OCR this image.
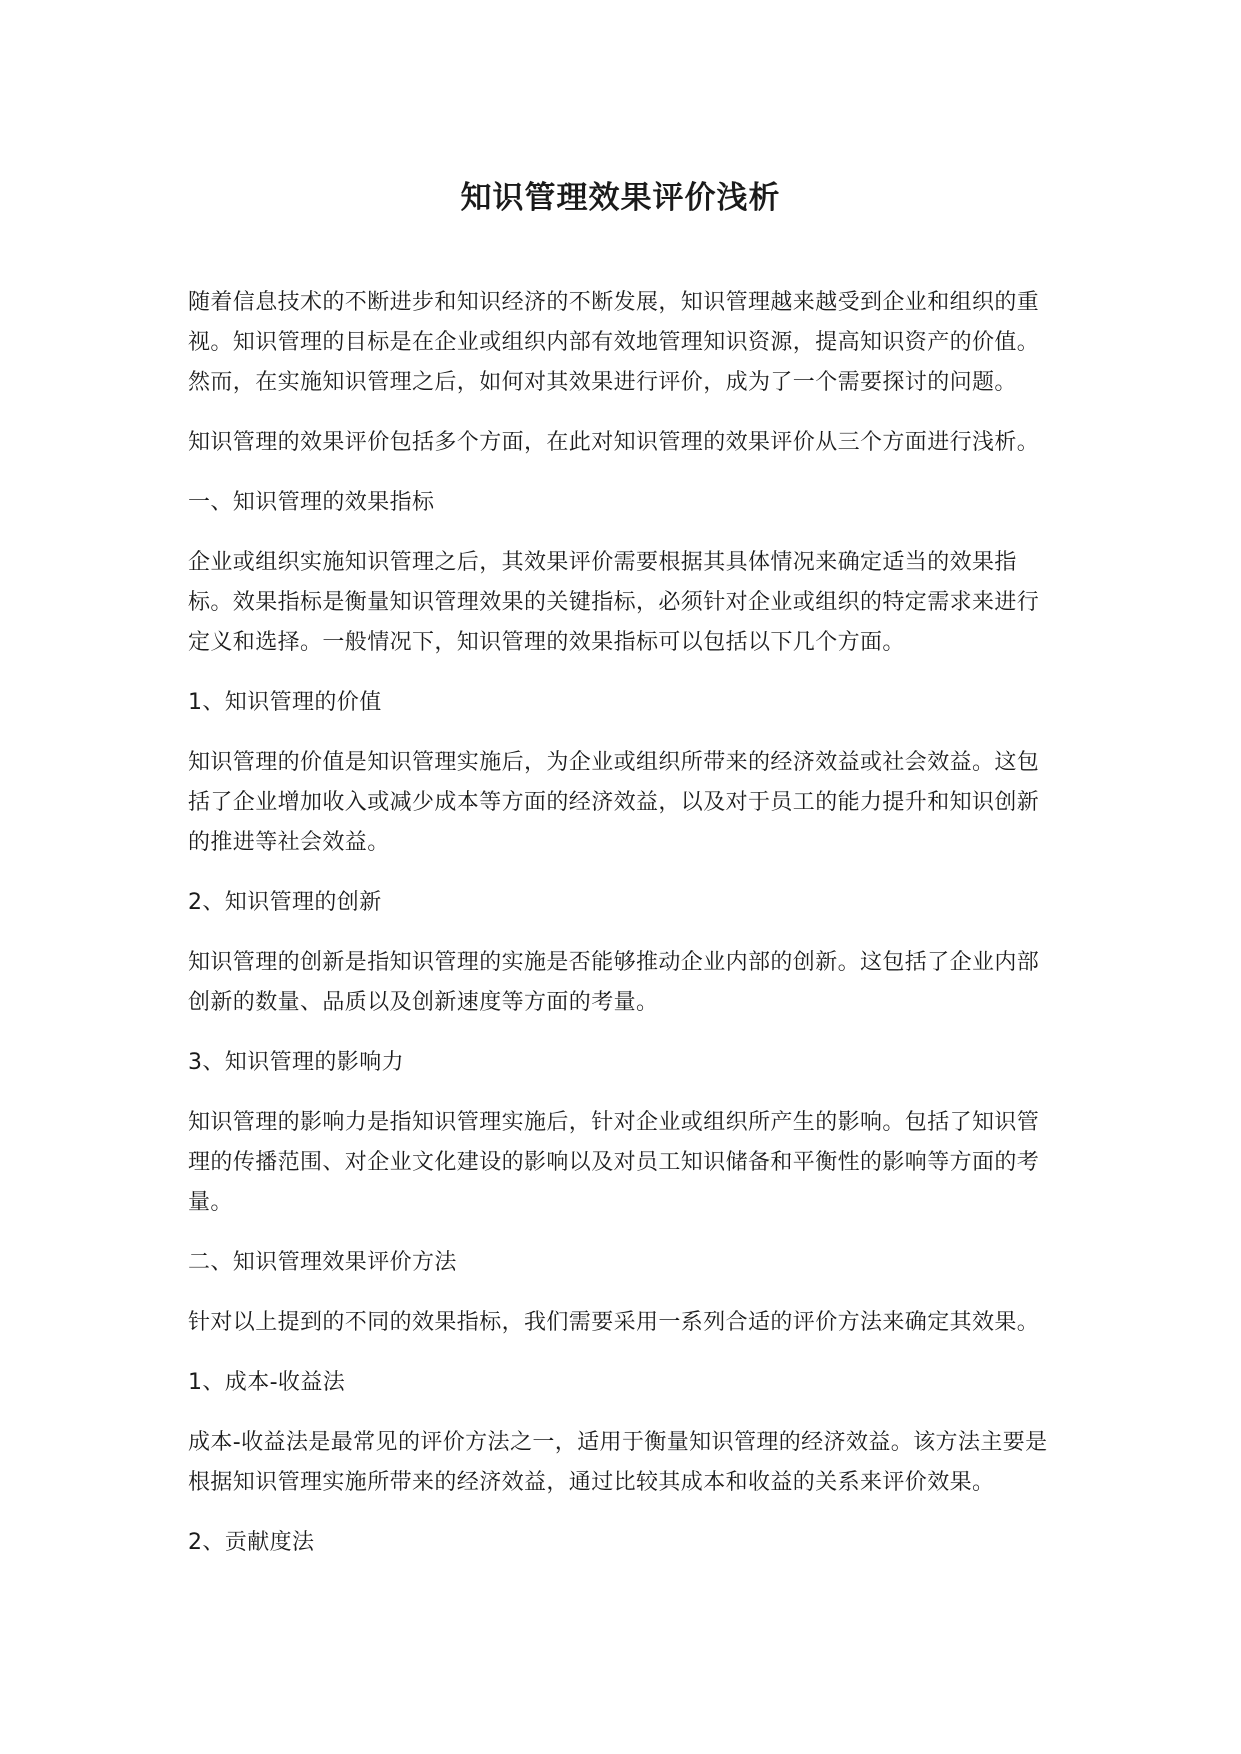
知识管理效果评价浅析

随着信息技术的不断进步和知识经济的不断发展，知识管理越来越受到企业和组织的重视。知识管理的目标是在企业或组织内部有效地管理知识资源，提高知识资产的价值。然而，在实施知识管理之后，如何对其效果进行评价，成为了一个需要探讨的问题。

知识管理的效果评价包括多个方面，在此对知识管理的效果评价从三个方面进行浅析。

一、知识管理的效果指标

企业或组织实施知识管理之后，其效果评价需要根据其具体情况来确定适当的效果指标。效果指标是衡量知识管理效果的关键指标，必须针对企业或组织的特定需求来进行定义和选择。一般情况下，知识管理的效果指标可以包括以下几个方面。

1、知识管理的价值

知识管理的价值是知识管理实施后，为企业或组织所带来的经济效益或社会效益。这包括了企业增加收入或减少成本等方面的经济效益，以及对于员工的能力提升和知识创新的推进等社会效益。

2、知识管理的创新

知识管理的创新是指知识管理的实施是否能够推动企业内部的创新。这包括了企业内部创新的数量、品质以及创新速度等方面的考量。

3、知识管理的影响力

知识管理的影响力是指知识管理实施后，针对企业或组织所产生的影响。包括了知识管理的传播范围、对企业文化建设的影响以及对员工知识储备和平衡性的影响等方面的考量。

二、知识管理效果评价方法

针对以上提到的不同的效果指标，我们需要采用一系列合适的评价方法来确定其效果。

1、成本-收益法

成本-收益法是最常见的评价方法之一，适用于衡量知识管理的经济效益。该方法主要是根据知识管理实施所带来的经济效益，通过比较其成本和收益的关系来评价效果。

2、贡献度法
